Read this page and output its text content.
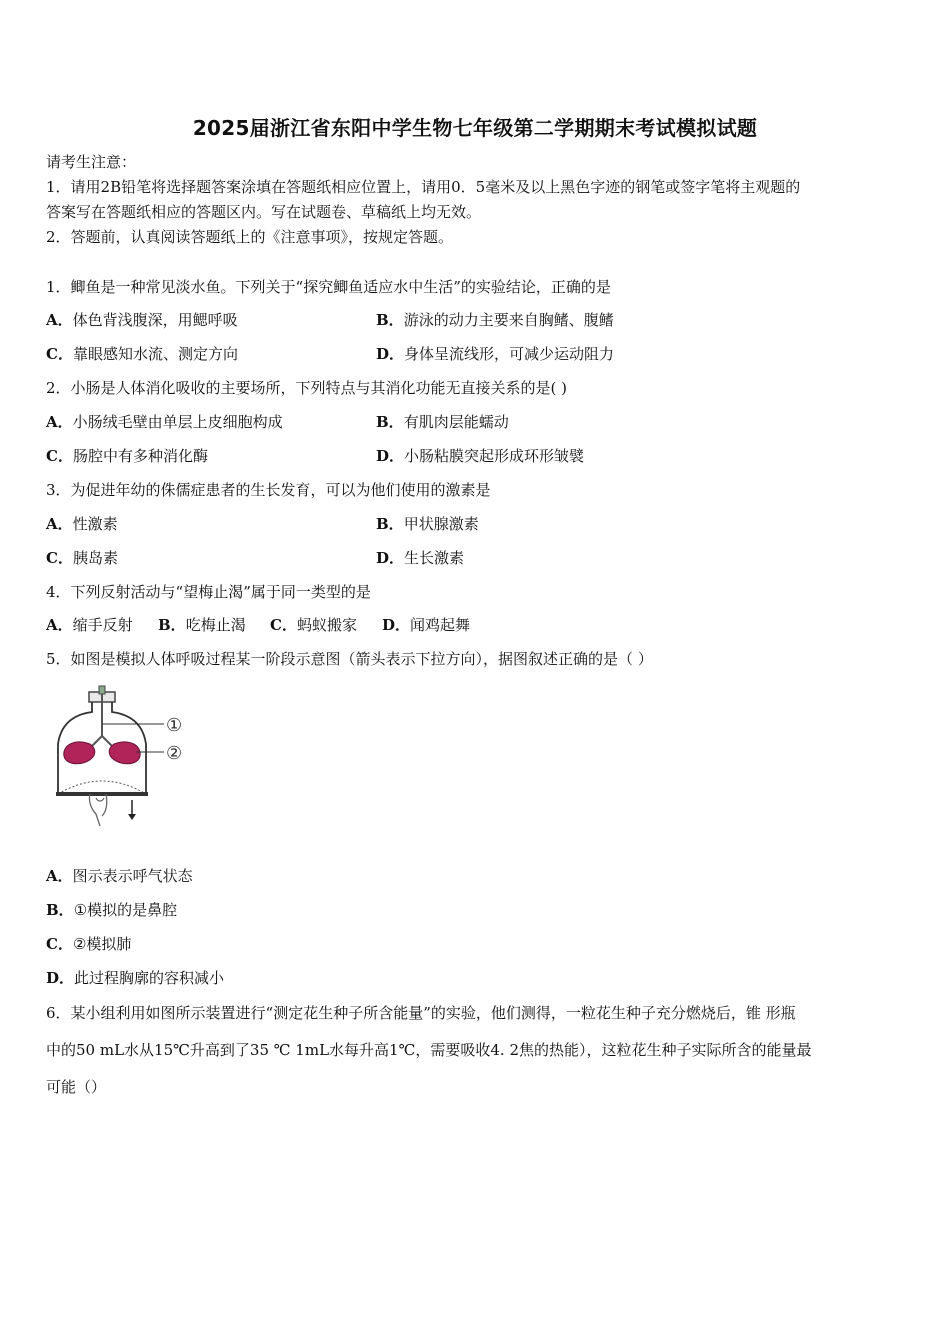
2025届浙江省东阳中学生物七年级第二学期期末考试模拟试题
请考生注意：
1．请用2B铅笔将选择题答案涂填在答题纸相应位置上，请用0．5毫米及以上黑色字迹的钢笔或签字笔将主观题的
答案写在答题纸相应的答题区内。写在试题卷、草稿纸上均无效。
2．答题前，认真阅读答题纸上的《注意事项》，按规定答题。
1．鲫鱼是一种常见淡水鱼。下列关于“探究鲫鱼适应水中生活”的实验结论，正确的是
A．体色背浅腹深，用鳃呼吸	B．游泳的动力主要来自胸鳍、腹鳍
C．靠眼感知水流、测定方向	D．身体呈流线形，可减少运动阻力
2．小肠是人体消化吸收的主要场所，下列特点与其消化功能无直接关系的是( )
A．小肠绒毛壁由单层上皮细胞构成	B．有肌肉层能蠕动
C．肠腔中有多种消化酶	D．小肠粘膜突起形成环形皱襞
3．为促进年幼的侏儒症患者的生长发育，可以为他们使用的激素是
A．性激素	B．甲状腺激素
C．胰岛素	D．生长激素
4．下列反射活动与“望梅止渴”属于同一类型的是
A．缩手反射 B．吃梅止渴 C．蚂蚁搬家 D．闻鸡起舞
5．如图是模拟人体呼吸过程某一阶段示意图（箭头表示下拉方向），据图叙述正确的是（ ）
①
②
A．图示表示呼气状态
B．①模拟的是鼻腔
C．②模拟肺
D．此过程胸廓的容积减小
6．某小组利用如图所示装置进行“测定花生种子所含能量”的实验，他们测得，一粒花生种子充分燃烧后，锥 形瓶
中的50 mL水从15℃升高到了35 ℃ 1mL水每升高1℃，需要吸收4. 2焦的热能），这粒花生种子实际所含的能量最
可能（）
